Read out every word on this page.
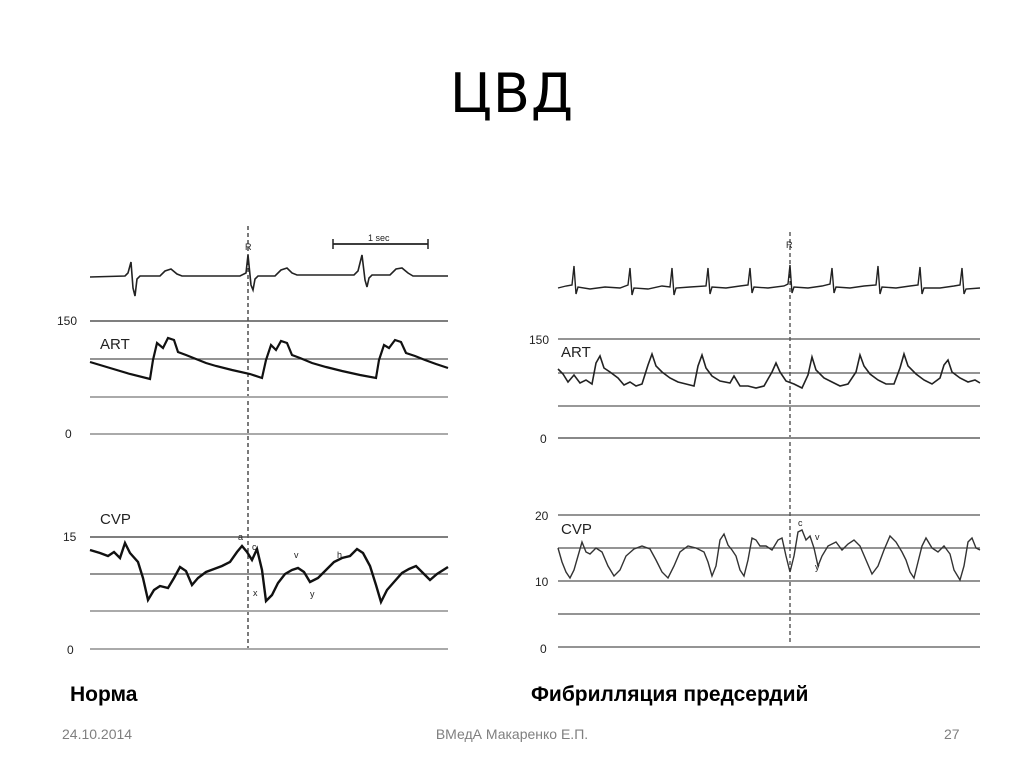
ЦВД
R
1 sec
150
0
ART
15
0
CVP
a
c
v	h
x	y
R
150
0
ART
20
10
0
CVP	c
v
y
Норма	Фибрилляция предсердий
24.10.2014	ВМедА Макаренко Е.П.	27
